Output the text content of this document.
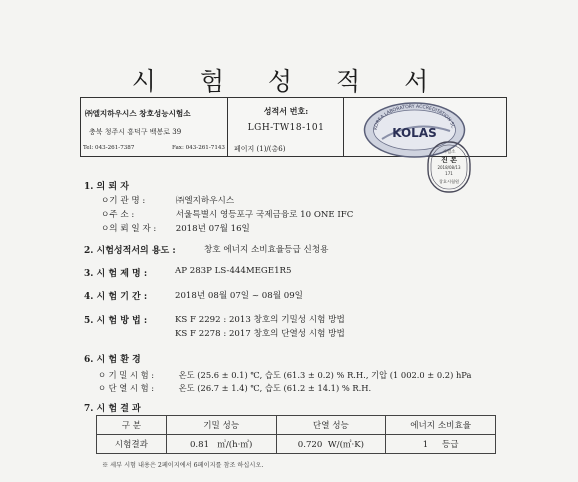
시 험 성 적 서
㈜엘지하우시스 창호성능시험소
충북 청주시 흥덕구 백봉로 39
Tel: 043-261-7387	Fax: 043-261-7143
성적서 번호:
LGH-TW18-101
페이지 (1)/(총6)
KOREA LABORATORY ACCREDITATION SC
KOLAS
시험소
진 본
2018/08/13
171
창호시험원
1. 의 뢰 자
ㅇ기 관 명 :	㈜엘지하우시스
ㅇ주 소 :	서울특별시 영등포구 국제금융로 10 ONE IFC
ㅇ의 뢰 일 자 : 2018년 07월 16일
2. 시험성적서의 용도 :	창호 에너지 소비효율등급 신청용
3. 시 험 제 명 :	AP 283P LS-444MEGE1R5
4. 시 험 기 간 :	2018년 08월 07일 ~ 08월 09일
5. 시 험 방 법 :	KS F 2292 : 2013 창호의 기밀성 시험 방법
KS F 2278 : 2017 창호의 단열성 시험 방법
6. 시 험 환 경
ㅇ 기 밀 시 험 :	온도 (25.6 ± 0.1) ℃, 습도 (61.3 ± 0.2) % R.H., 기압 (1 002.0 ± 0.2) hPa
ㅇ 단 열 시 험 :	온도 (26.7 ± 1.4) ℃, 습도 (61.2 ± 14.1) % R.H.
7. 시 험 결 과
구 분	기밀 성능	단열 성능	에너지 소비효율
시험결과	0.81 ㎥/(h·㎡)	0.720 W/(㎡·K)	1 등급
※ 세부 시험 내용은 2페이지에서 6페이지를 참조 하십시오.
